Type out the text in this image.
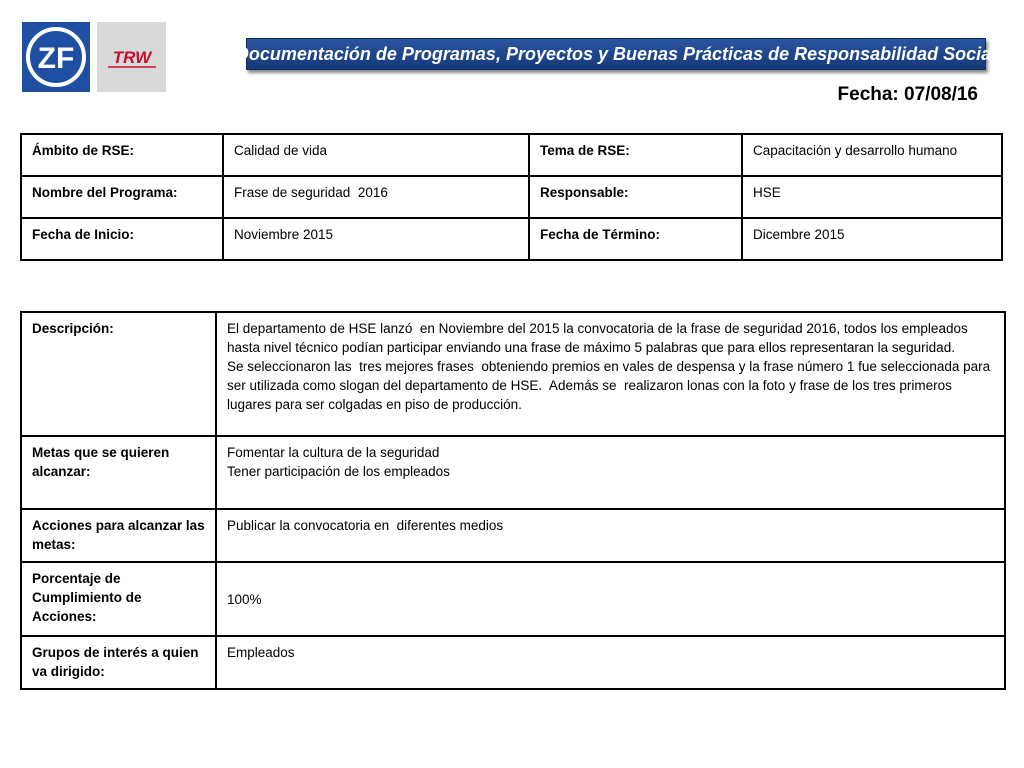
ZF TRW	Documentación de Programas, Proyectos y Buenas Prácticas de Responsabilidad Social
Fecha: 07/08/16
Ámbito de RSE:	Calidad de vida	Tema de RSE:	Capacitación y desarrollo humano
Nombre del Programa:	Frase de seguridad  2016	Responsable:	HSE
Fecha de Inicio:	Noviembre 2015	Fecha de Término:	Dicembre 2015
Descripción:	El departamento de HSE lanzó  en Noviembre del 2015 la convocatoria de la frase de seguridad 2016, todos los empleados hasta nivel técnico podían participar enviando una frase de máximo 5 palabras que para ellos representaran la seguridad.
Se seleccionaron las  tres mejores frases  obteniendo premios en vales de despensa y la frase número 1 fue seleccionada para ser utilizada como slogan del departamento de HSE.  Además se  realizaron lonas con la foto y frase de los tres primeros lugares para ser colgadas en piso de producción.

Metas que se quieren alcanzar:	Fomentar la cultura de la seguridad
Tener participación de los empleados

Acciones para alcanzar las metas:	Publicar la convocatoria en  diferentes medios
Porcentaje de Cumplimiento de Acciones:	100%
Grupos de interés a quien va dirigido:	Empleados
